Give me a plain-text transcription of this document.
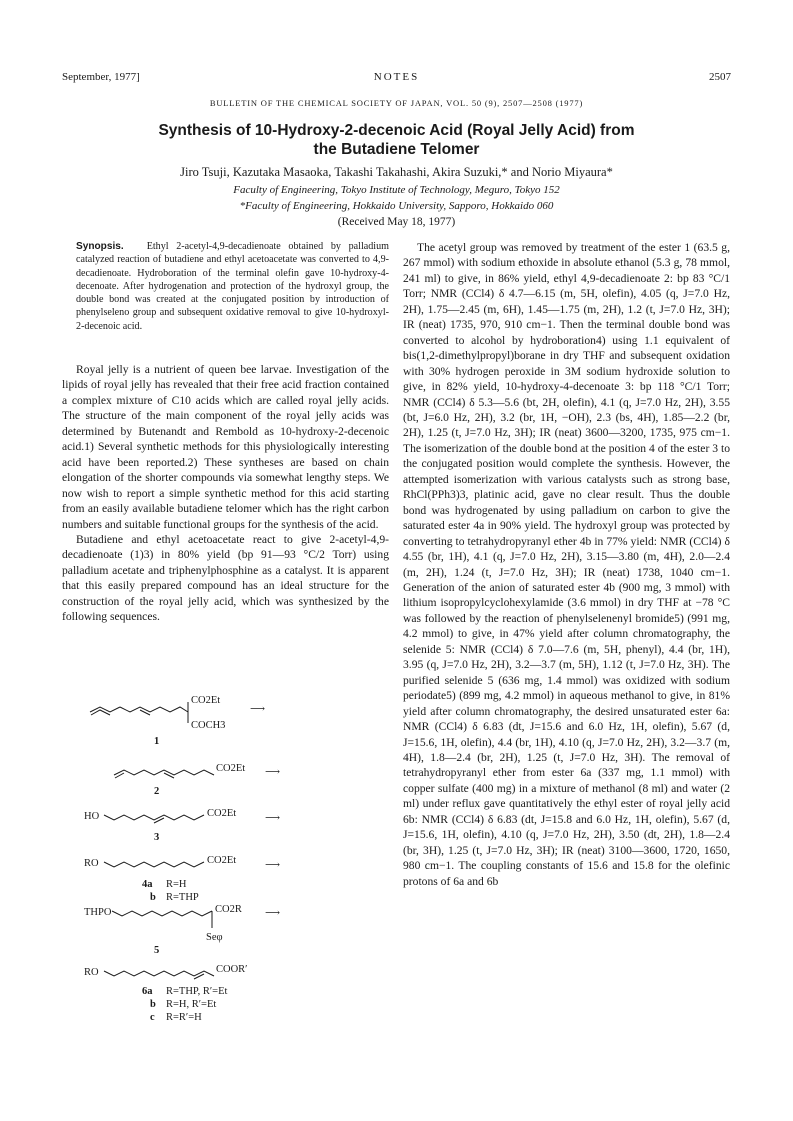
September, 1977]	NOTES	2507
BULLETIN OF THE CHEMICAL SOCIETY OF JAPAN, VOL. 50 (9), 2507—2508 (1977)
Synthesis of 10-Hydroxy-2-decenoic Acid (Royal Jelly Acid) from
the Butadiene Telomer
Jiro Tsuji, Kazutaka Masaoka, Takashi Takahashi, Akira Suzuki,* and Norio Miyaura*
Faculty of Engineering, Tokyo Institute of Technology, Meguro, Tokyo 152
*Faculty of Engineering, Hokkaido University, Sapporo, Hokkaido 060
(Received May 18, 1977)
Synopsis. Ethyl 2-acetyl-4,9-decadienoate obtained by palladium catalyzed reaction of butadiene and ethyl acetoacetate was converted to 4,9-decadienoate. Hydroboration of the terminal olefin gave 10-hydroxy-4-decenoate. After hydrogenation and protection of the hydroxyl group, the double bond was created at the conjugated position by introduction of phenylseleno group and subsequent oxidative removal to give 10-hydroxyl-2-decenoic acid.

Royal jelly is a nutrient of queen bee larvae. Investigation of the lipids of royal jelly has revealed that their free acid fraction contained a complex mixture of C10 acids which are called royal jelly acids. The structure of the main component of the royal jelly acids was determined by Butenandt and Rembold as 10-hydroxy-2-decenoic acid.1) Several synthetic methods for this physiologically interesting acid have been reported.2) These syntheses are based on chain elongation of the shorter compounds via somewhat lengthy steps. We now wish to report a simple synthetic method for this acid starting from an easily available butadiene telomer which has the right carbon numbers and suitable functional groups for the synthesis of the acid.

Butadiene and ethyl acetoacetate react to give 2-acetyl-4,9-decadienoate (1)3) in 80% yield (bp 91—93 °C/2 Torr) using palladium acetate and triphenylphosphine as a catalyst. It is apparent that this easily prepared compound has an ideal structure for the construction of the royal jelly acid, which was synthesized by the following sequences.

The acetyl group was removed by treatment of the ester 1 (63.5 g, 267 mmol) with sodium ethoxide in absolute ethanol (5.3 g, 78 mmol, 241 ml) to give, in 86% yield, ethyl 4,9-decadienoate 2: bp 83 °C/1 Torr; NMR (CCl4) δ 4.7—6.15 (m, 5H, olefin), 4.05 (q, J=7.0 Hz, 2H), 1.75—2.45 (m, 6H), 1.45—1.75 (m, 2H), 1.2 (t, J=7.0 Hz, 3H); IR (neat) 1735, 970, 910 cm−1. Then the terminal double bond was converted to alcohol by hydroboration4) using 1.1 equivalent of bis(1,2-dimethylpropyl)borane in dry THF and subsequent oxidation with 30% hydrogen peroxide in 3M sodium hydroxide solution to give, in 82% yield, 10-hydroxy-4-decenoate 3: bp 118 °C/1 Torr; NMR (CCl4) δ 5.3—5.6 (bt, 2H, olefin), 4.1 (q, J=7.0 Hz, 2H), 3.55 (bt, J=6.0 Hz, 2H), 3.2 (br, 1H, −OH), 2.3 (bs, 4H), 1.85—2.2 (br, 2H), 1.25 (t, J=7.0 Hz, 3H); IR (neat) 3600—3200, 1735, 975 cm−1. The isomerization of the double bond at the position 4 of the ester 3 to the conjugated position would complete the synthesis. However, the attempted isomerization with various catalysts such as strong base, RhCl(PPh3)3, platinic acid, gave no clear result. Thus the double bond was hydrogenated by using palladium on carbon to give the saturated ester 4a in 90% yield. The hydroxyl group was protected by converting to tetrahydropyranyl ether 4b in 77% yield: NMR (CCl4) δ 4.55 (br, 1H), 4.1 (q, J=7.0 Hz, 2H), 3.15—3.80 (m, 4H), 2.0—2.4 (m, 2H), 1.24 (t, J=7.0 Hz, 3H); IR (neat) 1738, 1040 cm−1. Generation of the anion of saturated ester 4b (900 mg, 3 mmol) with lithium isopropylcyclohexylamide (3.6 mmol) in dry THF at −78 °C was followed by the reaction of phenylselenenyl bromide5) (991 mg, 4.2 mmol) to give, in 47% yield after column chromatography, the selenide 5: NMR (CCl4) δ 7.0—7.6 (m, 5H, phenyl), 4.4 (br, 1H), 3.95 (q, J=7.0 Hz, 2H), 3.2—3.7 (m, 5H), 1.12 (t, J=7.0 Hz, 3H). The purified selenide 5 (636 mg, 1.4 mmol) was oxidized with sodium periodate5) (899 mg, 4.2 mmol) in aqueous methanol to give, in 81% yield after column chromatography, the desired unsaturated ester 6a: NMR (CCl4) δ 6.83 (dt, J=15.6 and 6.0 Hz, 1H, olefin), 5.67 (d, J=15.6, 1H, olefin), 4.4 (br, 1H), 4.10 (q, J=7.0 Hz, 2H), 3.2—3.7 (m, 4H), 1.8—2.4 (br, 2H), 1.25 (t, J=7.0 Hz, 3H). The removal of tetrahydropyranyl ether from ester 6a (337 mg, 1.1 mmol) with copper sulfate (400 mg) in a mixture of methanol (8 ml) and water (2 ml) under reflux gave quantitatively the ethyl ester of royal jelly acid 6b: NMR (CCl4) δ 6.83 (dt, J=15.8 and 6.0 Hz, 1H, olefin), 5.67 (d, J=15.6, 1H, olefin), 4.10 (q, J=7.0 Hz, 2H), 3.50 (dt, 2H), 1.8—2.4 (br, 3H), 1.25 (t, J=7.0 Hz, 3H); IR (neat) 3100—3600, 1720, 1650, 980 cm−1. The coupling constants of 15.6 and 15.8 for the olefinic protons of 6a and 6b

CO2Et
COCH3
⟶
1
CO2Et ⟶
2
HO	CO2Et	⟶
3
RO	CO2Et	⟶
4a R=H
b R=THP
THPO	CO2R
Seφ
⟶
5
RO	COOR′
6a R=THP, R′=Et
b R=H, R′=Et
c R=R′=H
